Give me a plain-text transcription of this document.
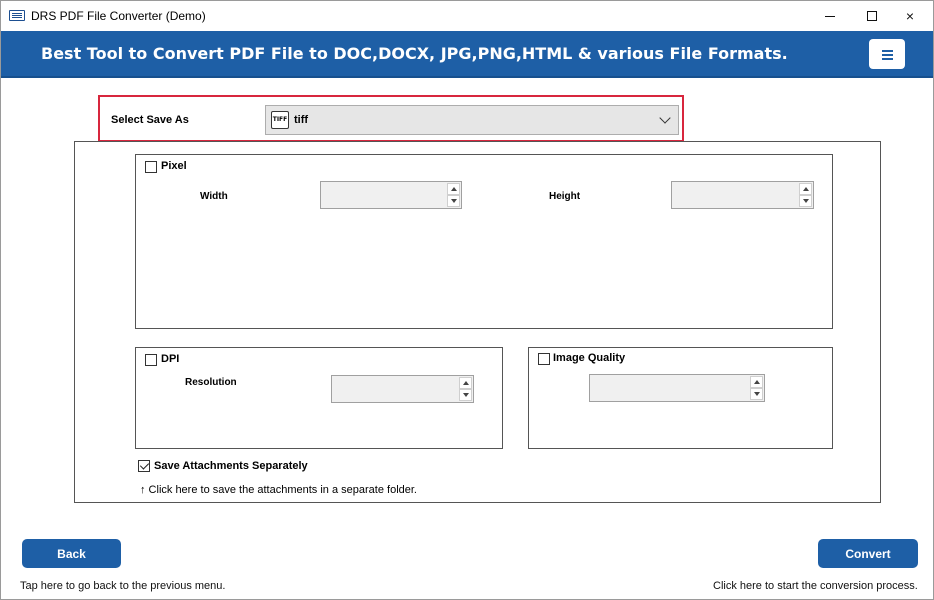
DRS PDF File Converter (Demo)	×
Best Tool to Convert PDF File to DOC,DOCX, JPG,PNG,HTML & various File Formats.
Select Save As	TIFF tiff
Pixel
Width	Height
DPI
Resolution
Image Quality
Save Attachments Separately
↑ Click here to save the attachments in a separate folder.
Back
Tap here to go back to the previous menu.
Convert
Click here to start the conversion process.
